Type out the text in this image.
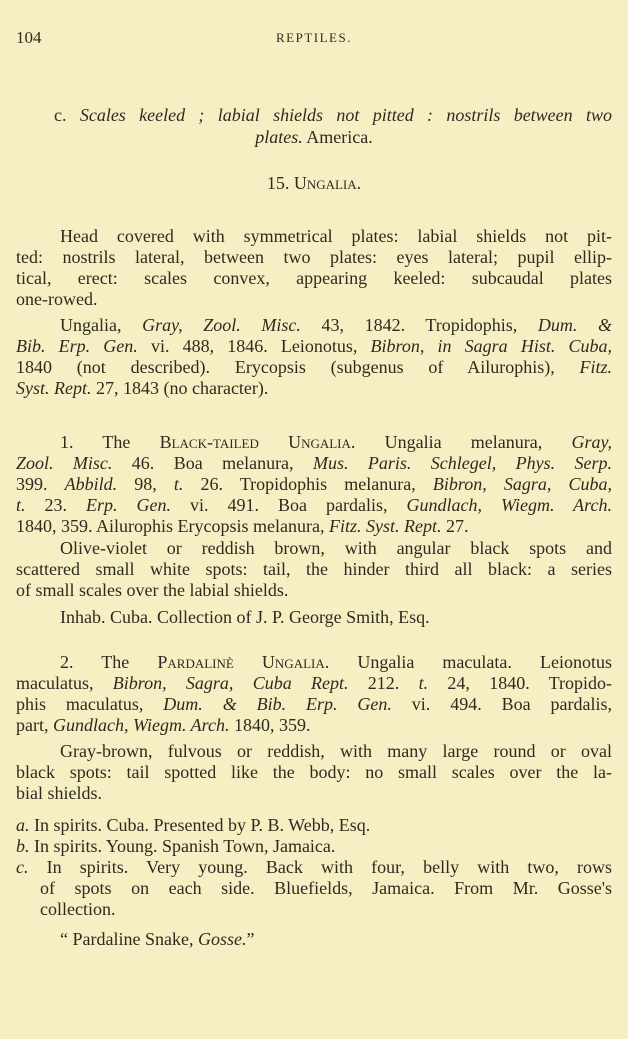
104	REPTILES.
c. Scales keeled ; labial shields not pitted : nostrils between two
plates. America.
15. Ungalia.
Head covered with symmetrical plates: labial shields not pit-
ted: nostrils lateral, between two plates: eyes lateral; pupil ellip-
tical, erect: scales convex, appearing keeled: subcaudal plates
one-rowed.
Ungalia, Gray, Zool. Misc. 43, 1842. Tropidophis, Dum. &
Bib. Erp. Gen. vi. 488, 1846. Leionotus, Bibron, in Sagra Hist. Cuba,
1840 (not described). Erycopsis (subgenus of Ailurophis), Fitz.
Syst. Rept. 27, 1843 (no character).
1. The Black-tailed Ungalia. Ungalia melanura, Gray,
Zool. Misc. 46. Boa melanura, Mus. Paris. Schlegel, Phys. Serp.
399. Abbild. 98, t. 26. Tropidophis melanura, Bibron, Sagra, Cuba,
t. 23. Erp. Gen. vi. 491. Boa pardalis, Gundlach, Wiegm. Arch.
1840, 359. Ailurophis Erycopsis melanura, Fitz. Syst. Rept. 27.
Olive-violet or reddish brown, with angular black spots and
scattered small white spots: tail, the hinder third all black: a series
of small scales over the labial shields.
Inhab. Cuba. Collection of J. P. George Smith, Esq.
2. The Pardalinè Ungalia. Ungalia maculata. Leionotus
maculatus, Bibron, Sagra, Cuba Rept. 212. t. 24, 1840. Tropido-
phis maculatus, Dum. & Bib. Erp. Gen. vi. 494. Boa pardalis,
part, Gundlach, Wiegm. Arch. 1840, 359.
Gray-brown, fulvous or reddish, with many large round or oval
black spots: tail spotted like the body: no small scales over the la-
bial shields.
a. In spirits. Cuba. Presented by P. B. Webb, Esq.
b. In spirits. Young. Spanish Town, Jamaica.
c. In spirits. Very young. Back with four, belly with two, rows
of spots on each side. Bluefields, Jamaica. From Mr. Gosse's
collection.
“ Pardaline Snake, Gosse.”
